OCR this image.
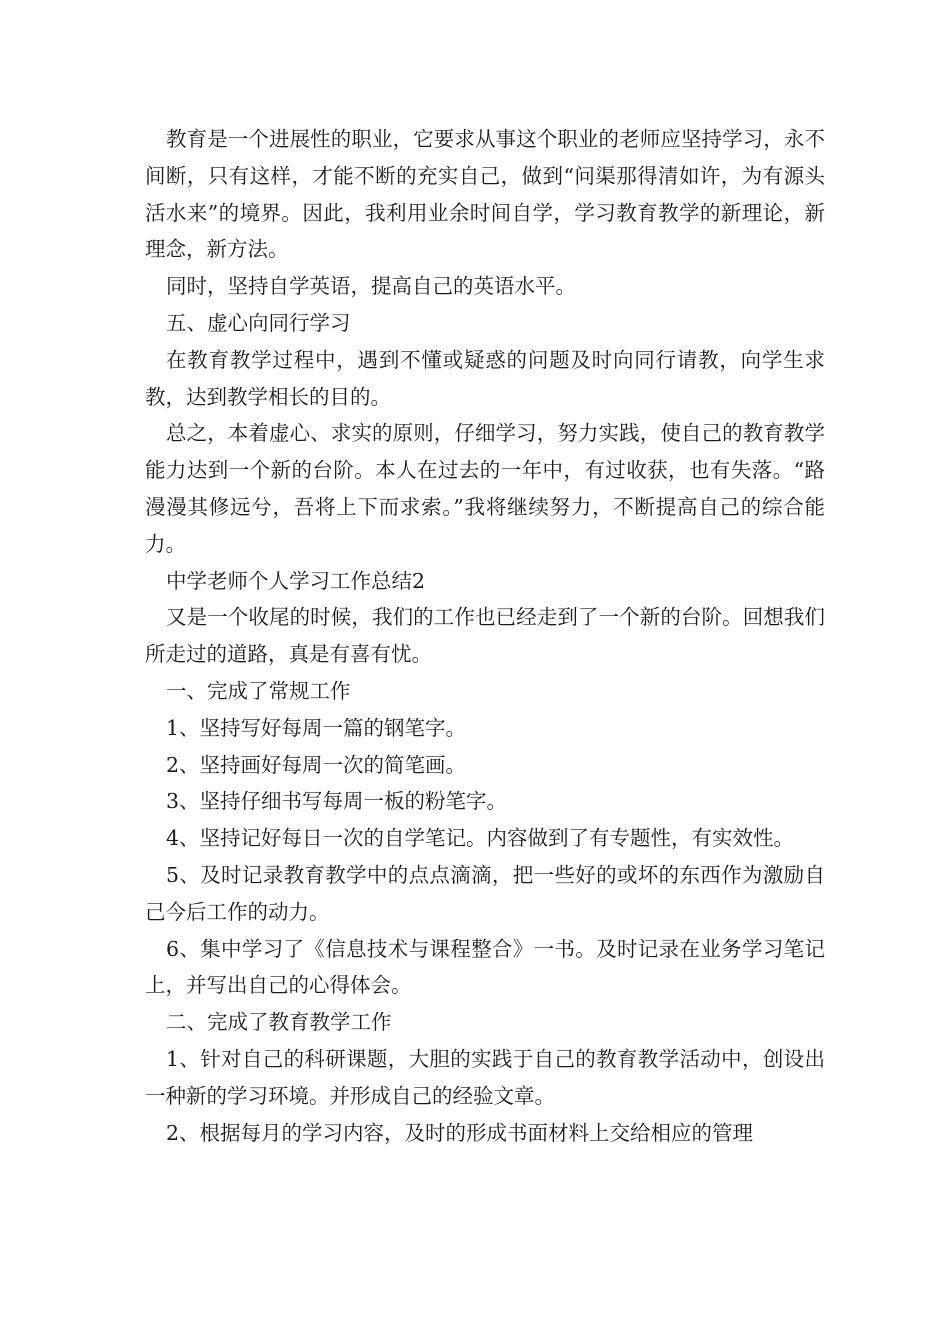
教育是一个进展性的职业，它要求从事这个职业的老师应坚持学习，永不间断，只有这样，才能不断的充实自己，做到“问渠那得清如许，为有源头活水来”的境界。因此，我利用业余时间自学，学习教育教学的新理论，新理念，新方法。

同时，坚持自学英语，提高自己的英语水平。

五、虚心向同行学习

在教育教学过程中，遇到不懂或疑惑的问题及时向同行请教，向学生求教，达到教学相长的目的。

总之，本着虚心、求实的原则，仔细学习，努力实践，使自己的教育教学能力达到一个新的台阶。本人在过去的一年中，有过收获，也有失落。“路漫漫其修远兮，吾将上下而求索。”我将继续努力，不断提高自己的综合能力。

中学老师个人学习工作总结2

又是一个收尾的时候，我们的工作也已经走到了一个新的台阶。回想我们所走过的道路，真是有喜有忧。

一、完成了常规工作

1、坚持写好每周一篇的钢笔字。

2、坚持画好每周一次的简笔画。

3、坚持仔细书写每周一板的粉笔字。

4、坚持记好每日一次的自学笔记。内容做到了有专题性，有实效性。

5、及时记录教育教学中的点点滴滴，把一些好的或坏的东西作为激励自己今后工作的动力。

6、集中学习了《信息技术与课程整合》一书。及时记录在业务学习笔记上，并写出自己的心得体会。

二、完成了教育教学工作

1、针对自己的科研课题，大胆的实践于自己的教育教学活动中，创设出一种新的学习环境。并形成自己的经验文章。

2、根据每月的学习内容，及时的形成书面材料上交给相应的管理
